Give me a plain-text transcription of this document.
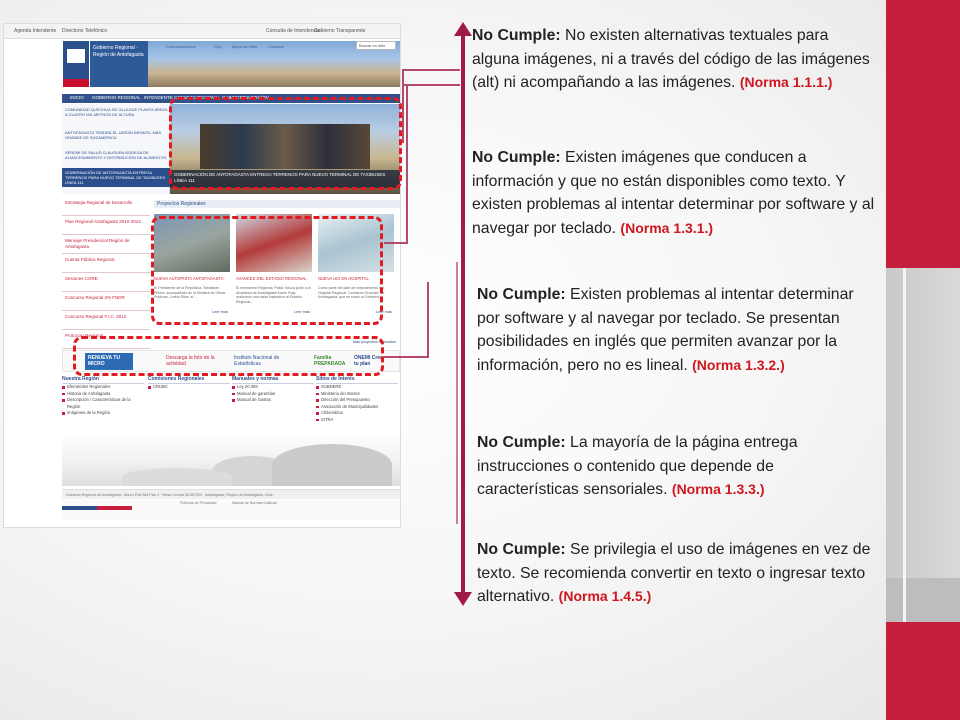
Agenda Intendente Directorio Telefónico	Consulta de Intendencia
Gobierno Transparente
Gobierno Regional · Región de Antofagasta
Comunicaciones	FAQ Mapa del Sitio	Contacto	Buscar en sitio
INICIO GOBIERNO REGIONAL INTENDENTE CONSEJO REGIONAL GABINETE INVERSIÓN
COMUNIDAD QUECHUA DE OLLAGÜE PLANTA ÁRBOL A CUATRO MIL METROS DE ALTURA
ANTOFAGASTA TENDRÁ EL JARDÍN INFANTIL MÁS GRANDE DE SUDAMÉRICA
SEREMI DE SALUD CLAUSURA BODEGA DE ALMACENAMIENTO Y DISTRIBUCIÓN DE ALIMENTOS
GOBERNACIÓN DE ANTOFAGASTA ENTREGA TERRENOS PARA NUEVO TERMINAL DE TAXIBUSES LÍNEA 111
GOBERNACIÓN DE ANTOFAGASTA ENTREGA TERRENOS PARA NUEVO TERMINAL DE TAXIBUSES LÍNEA 111
Estrategia Regional de Desarrollo
Plan Regional Antofagasta 2010-2014
Mensaje Presidencial Región de Antofagasta
Cuenta Pública Regional
Sesiones CORE
Concurso Regional 2% FNDR
Concurso Regional F.I.C. 2012
Protocolo Regional
Proyectos Regionales
NUEVA AUTOPISTA ANTOFAGASTA-
El Presidente de la República, Sebastián Piñera, acompañado de la Ministra de Obras Públicas, Loreto Silva, el...
Leer más
AVANCES DEL ESTADIO REGIONAL
El Intendente Regional, Pablo Toloza junto a la Alcaldesa de Antofagasta Karen Rojo, realizaron una visita inspectiva al Estadio Regional...
Leer más
NUEVA UCI EN HOSPITAL
Como parte del plan de mejoramiento del Hospital Regional "Leonardo Guzmán" de Antofagasta, que se sumó al Gobierno...
Leer más
Más proyectos regionales
RENUEVA TU MICRO
Descarga la foto de la actividad
Instituto Nacional de Estadísticas
Familia PREPARADA
ONEMI Crea tu plan
Nuestra Región
Efemérides Regionales
Historia de Antofagasta
Descripción / Características de la Región
Imágenes de la Región
Comisiones Regionales
CRUBC
Manuales y normas
Ley 20.393
Manual de garantías
Manual de Gastos
Sitios de Interés
SUBDERE
Ministerio del Interior
Dirección del Presupuesto
Asociación de Municipalidades
Chilemática
SITRA
Gobierno Regional de Antofagasta · Arturo Prat 384 Piso 2 · Mesa Central 55-357500 · Antofagasta, Región de Antofagasta, Chile.
Políticas de Privacidad	Manual de Normas Gráficas
No Cumple: No existen alternativas textuales para alguna imágenes, ni a través del código de las imágenes (alt) ni acompañando a las imágenes. (Norma 1.1.1.)
No Cumple: Existen imágenes que conducen a información y que no están disponibles como texto. Y existen problemas al intentar determinar por software y al navegar por teclado. (Norma 1.3.1.)
No Cumple: Existen problemas al intentar determinar por software y al navegar por teclado. Se presentan posibilidades en inglés que permiten avanzar por la información, pero no es lineal. (Norma 1.3.2.)
No Cumple: La mayoría de la página entrega instrucciones o contenido que depende de características sensoriales. (Norma 1.3.3.)
No Cumple: Se privilegia el uso de imágenes en vez de texto. Se recomienda convertir en texto o ingresar texto alternativo. (Norma 1.4.5.)
